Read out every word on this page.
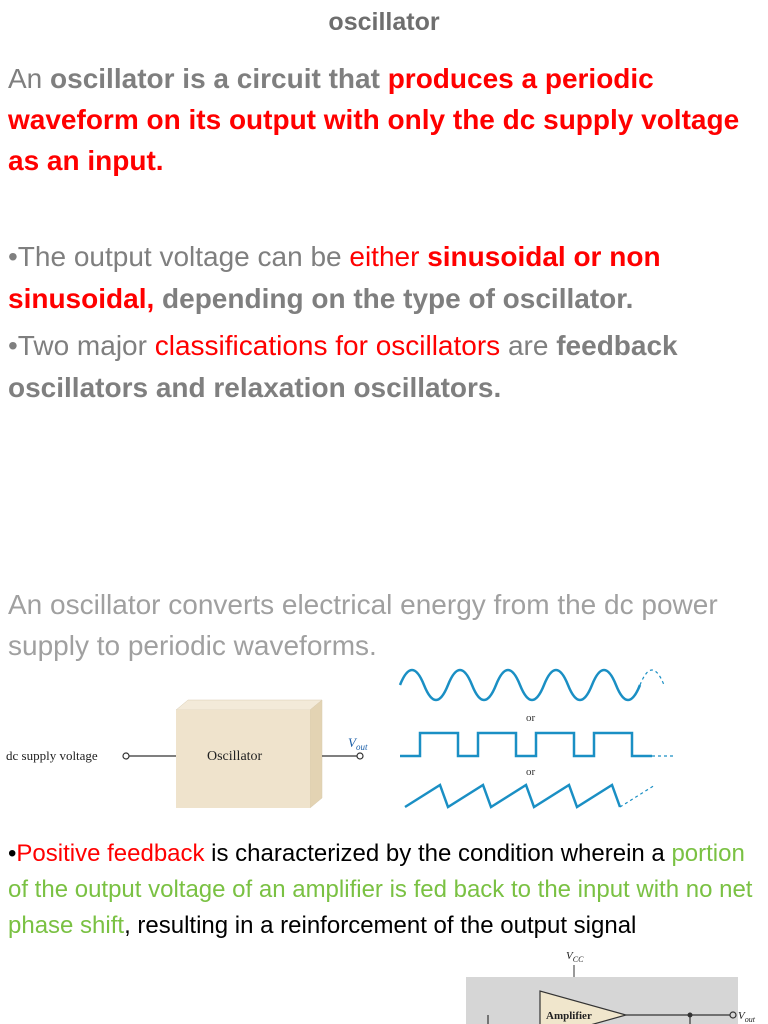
oscillator
An oscillator is a circuit that produces a periodic waveform on its output with only the dc supply voltage as an input.
•The output voltage can be either sinusoidal or non sinusoidal, depending on the type of oscillator.
•Two major classifications for oscillators are feedback oscillators and relaxation oscillators.
An oscillator converts electrical energy from the dc power supply to periodic waveforms.
dc supply voltage	Oscillator
$V_{out}$
or
or
•Positive feedback is characterized by the condition wherein a portion of the output voltage of an amplifier is fed back to the input with no net phase shift, resulting in a reinforcement of the output signal
$V_{CC}$
Amplifier	$V_{out}$
